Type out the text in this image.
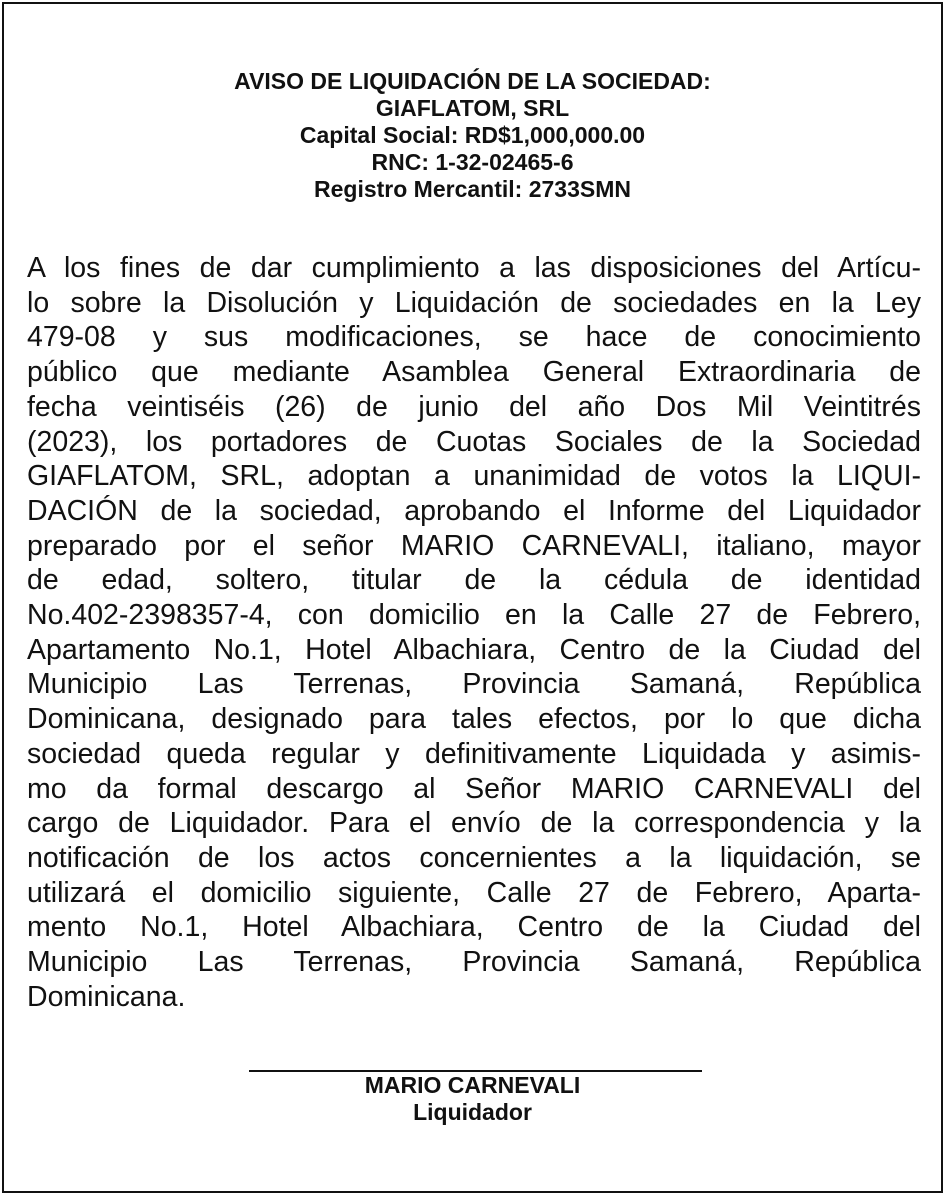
AVISO DE LIQUIDACIÓN DE LA SOCIEDAD:
GIAFLATOM, SRL
Capital Social: RD$1,000,000.00
RNC: 1-32-02465-6
Registro Mercantil: 2733SMN
A los fines de dar cumplimiento a las disposiciones del Artícu-
lo sobre la Disolución y Liquidación de sociedades en la Ley
479-08 y sus modificaciones, se hace de conocimiento
público que mediante Asamblea General Extraordinaria de
fecha veintiséis (26) de junio del año Dos Mil Veintitrés
(2023), los portadores de Cuotas Sociales de la Sociedad
GIAFLATOM, SRL, adoptan a unanimidad de votos la LIQUI-
DACIÓN de la sociedad, aprobando el Informe del Liquidador
preparado por el señor MARIO CARNEVALI, italiano, mayor
de edad, soltero, titular de la cédula de identidad
No.402-2398357-4, con domicilio en la Calle 27 de Febrero,
Apartamento No.1, Hotel Albachiara, Centro de la Ciudad del
Municipio Las Terrenas, Provincia Samaná, República
Dominicana, designado para tales efectos, por lo que dicha
sociedad queda regular y definitivamente Liquidada y asimis-
mo da formal descargo al Señor MARIO CARNEVALI del
cargo de Liquidador. Para el envío de la correspondencia y la
notificación de los actos concernientes a la liquidación, se
utilizará el domicilio siguiente, Calle 27 de Febrero, Aparta-
mento No.1, Hotel Albachiara, Centro de la Ciudad del
Municipio Las Terrenas, Provincia Samaná, República
Dominicana.
MARIO CARNEVALI
Liquidador
